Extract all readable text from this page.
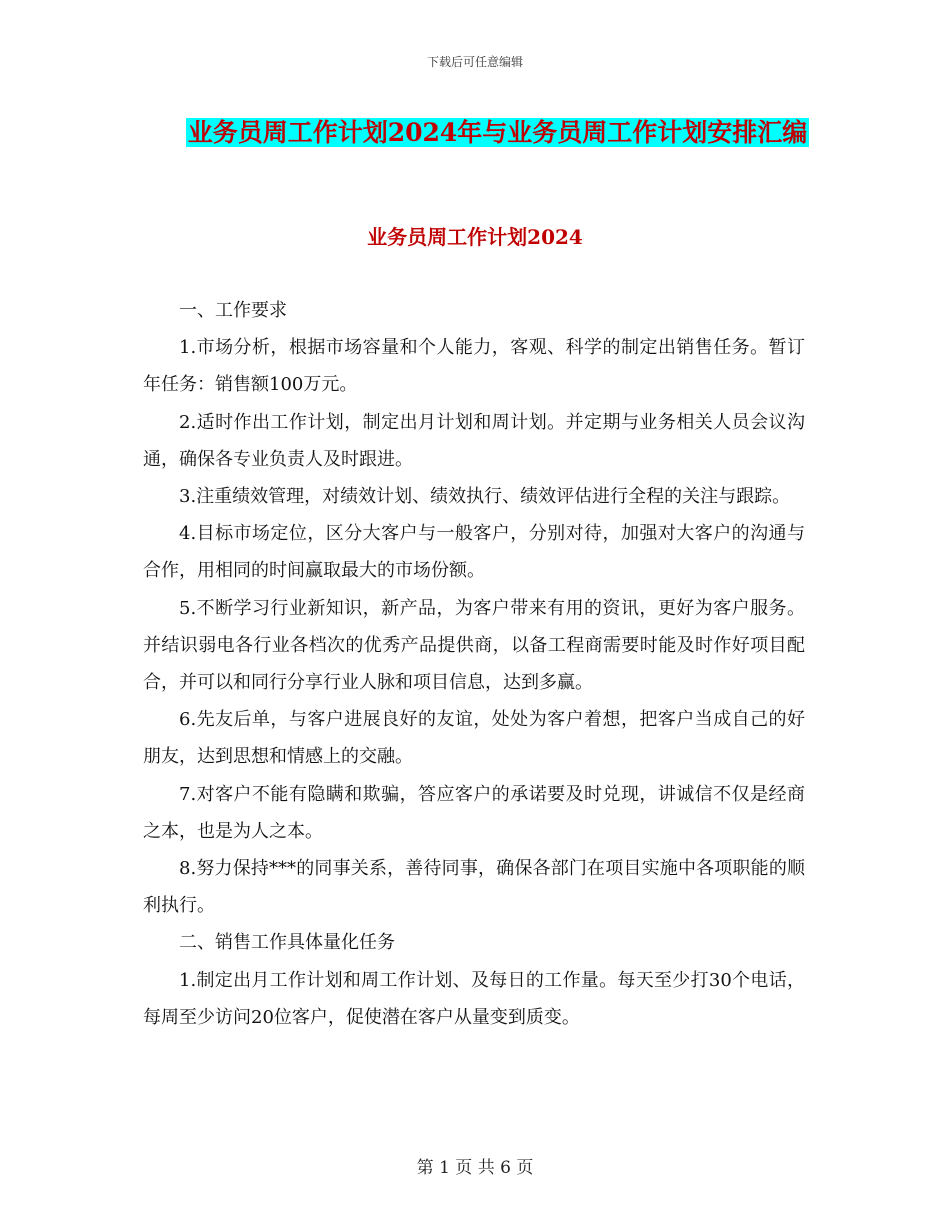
下载后可任意编辑
业务员周工作计划2024年与业务员周工作计划安排汇编
业务员周工作计划2024

一、工作要求

1.市场分析，根据市场容量和个人能力，客观、科学的制定出销售任务。暂订年任务：销售额100万元。

2.适时作出工作计划，制定出月计划和周计划。并定期与业务相关人员会议沟通，确保各专业负责人及时跟进。

3.注重绩效管理，对绩效计划、绩效执行、绩效评估进行全程的关注与跟踪。

4.目标市场定位，区分大客户与一般客户，分别对待，加强对大客户的沟通与合作，用相同的时间赢取最大的市场份额。

5.不断学习行业新知识，新产品，为客户带来有用的资讯，更好为客户服务。并结识弱电各行业各档次的优秀产品提供商，以备工程商需要时能及时作好项目配合，并可以和同行分享行业人脉和项目信息，达到多赢。

6.先友后单，与客户进展良好的友谊，处处为客户着想，把客户当成自己的好朋友，达到思想和情感上的交融。

7.对客户不能有隐瞒和欺骗，答应客户的承诺要及时兑现，讲诚信不仅是经商之本，也是为人之本。

8.努力保持***的同事关系，善待同事，确保各部门在项目实施中各项职能的顺利执行。

二、销售工作具体量化任务

1.制定出月工作计划和周工作计划、及每日的工作量。每天至少打30个电话，每周至少访问20位客户，促使潜在客户从量变到质变。

第 1 页 共 6 页
